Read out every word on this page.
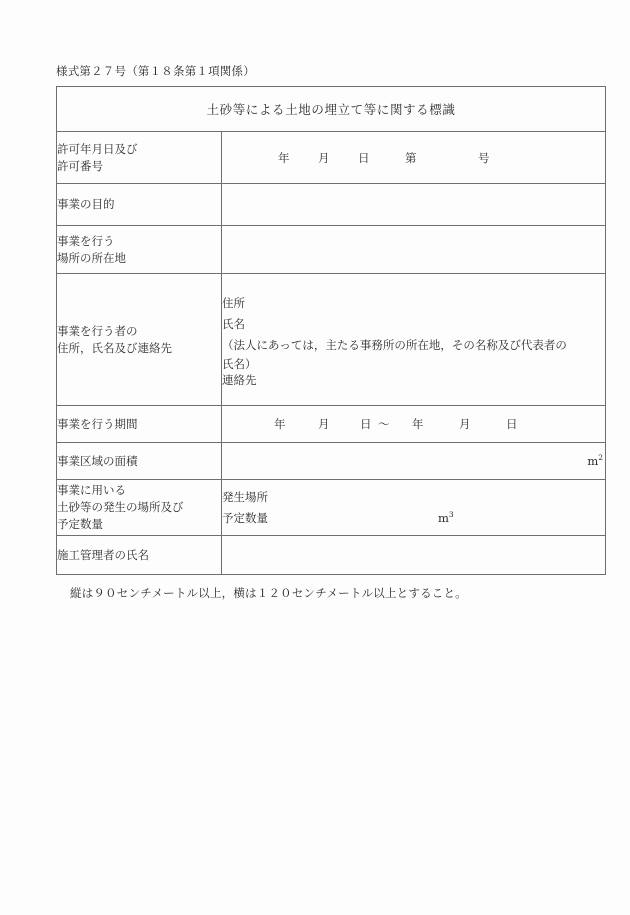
様式第２７号（第１８条第１項関係）
土砂等による土地の埋立て等に関する標識	

許可年月日及び
許可番号	年 月 日 第 号

事業の目的	

事業を行う
場所の所在地	

事業を行う者の
住所，氏名及び連絡先	住所
氏名
（法人にあっては，主たる事務所の所在地，その名称及び代表者の
氏名）
連絡先

事業を行う期間	年 月 日 ～ 年 月 日

事業区域の面積	$m^2$

事業に用いる
土砂等の発生の場所及び
予定数量	発生場所
予定数量 $m^3$

施工管理者の氏名	

縦は９０センチメートル以上，横は１２０センチメートル以上とすること。
